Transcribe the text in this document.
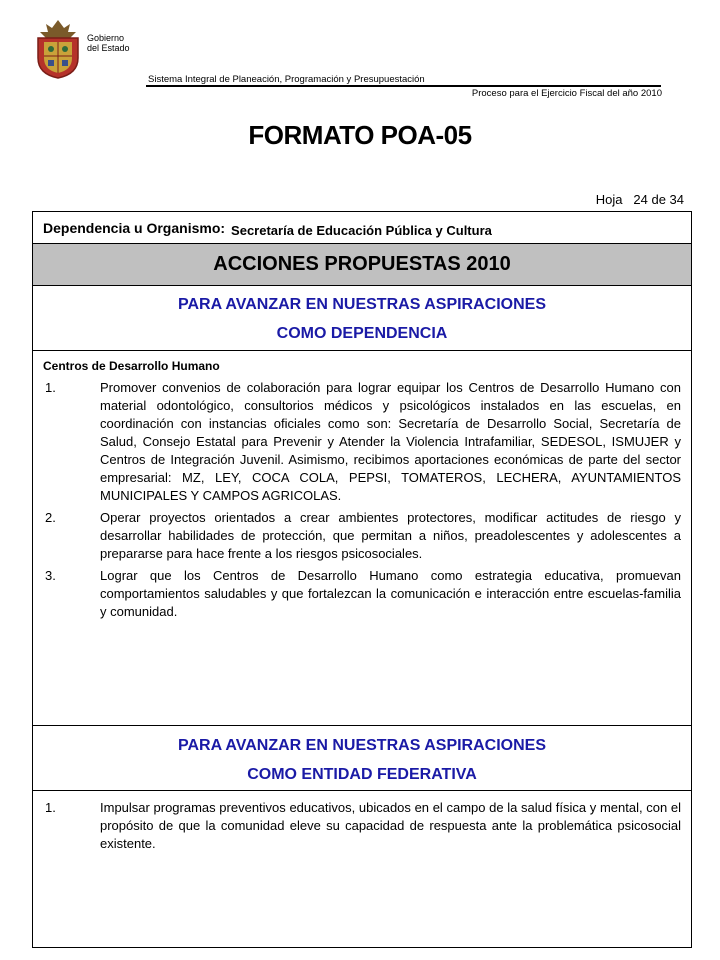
Gobierno
del Estado
Sistema Integral de Planeación, Programación y Presupuestación
Proceso para el Ejercicio Fiscal del año 2010
FORMATO POA-05
Hoja 24 de 34
Dependencia u Organismo: Secretaría de Educación Pública y Cultura
ACCIONES PROPUESTAS 2010
PARA AVANZAR EN NUESTRAS ASPIRACIONES
COMO DEPENDENCIA
Centros de Desarrollo Humano
1.	Promover convenios de colaboración para lograr equipar los Centros de Desarrollo Humano con material odontológico, consultorios médicos y psicológicos instalados en las escuelas, en coordinación con instancias oficiales como son: Secretaría de Desarrollo Social, Secretaría de Salud, Consejo Estatal para Prevenir y Atender la Violencia Intrafamiliar, SEDESOL, ISMUJER y Centros de Integración Juvenil. Asimismo, recibimos aportaciones económicas de parte del sector empresarial: MZ, LEY, COCA COLA, PEPSI, TOMATEROS, LECHERA, AYUNTAMIENTOS MUNICIPALES Y CAMPOS AGRICOLAS.
2.	Operar proyectos orientados a crear ambientes protectores, modificar actitudes de riesgo y desarrollar habilidades de protección, que permitan a niños, preadolescentes y adolescentes a prepararse para hace frente a los riesgos psicosociales.
3.	Lograr que los Centros de Desarrollo Humano como estrategia educativa, promuevan comportamientos saludables y que fortalezcan la comunicación e interacción entre escuelas-familia y comunidad.
PARA AVANZAR EN NUESTRAS ASPIRACIONES
COMO ENTIDAD FEDERATIVA
1.	Impulsar programas preventivos educativos, ubicados en el campo de la salud física y mental, con el propósito de que la comunidad eleve su capacidad de respuesta ante la problemática psicosocial existente.
